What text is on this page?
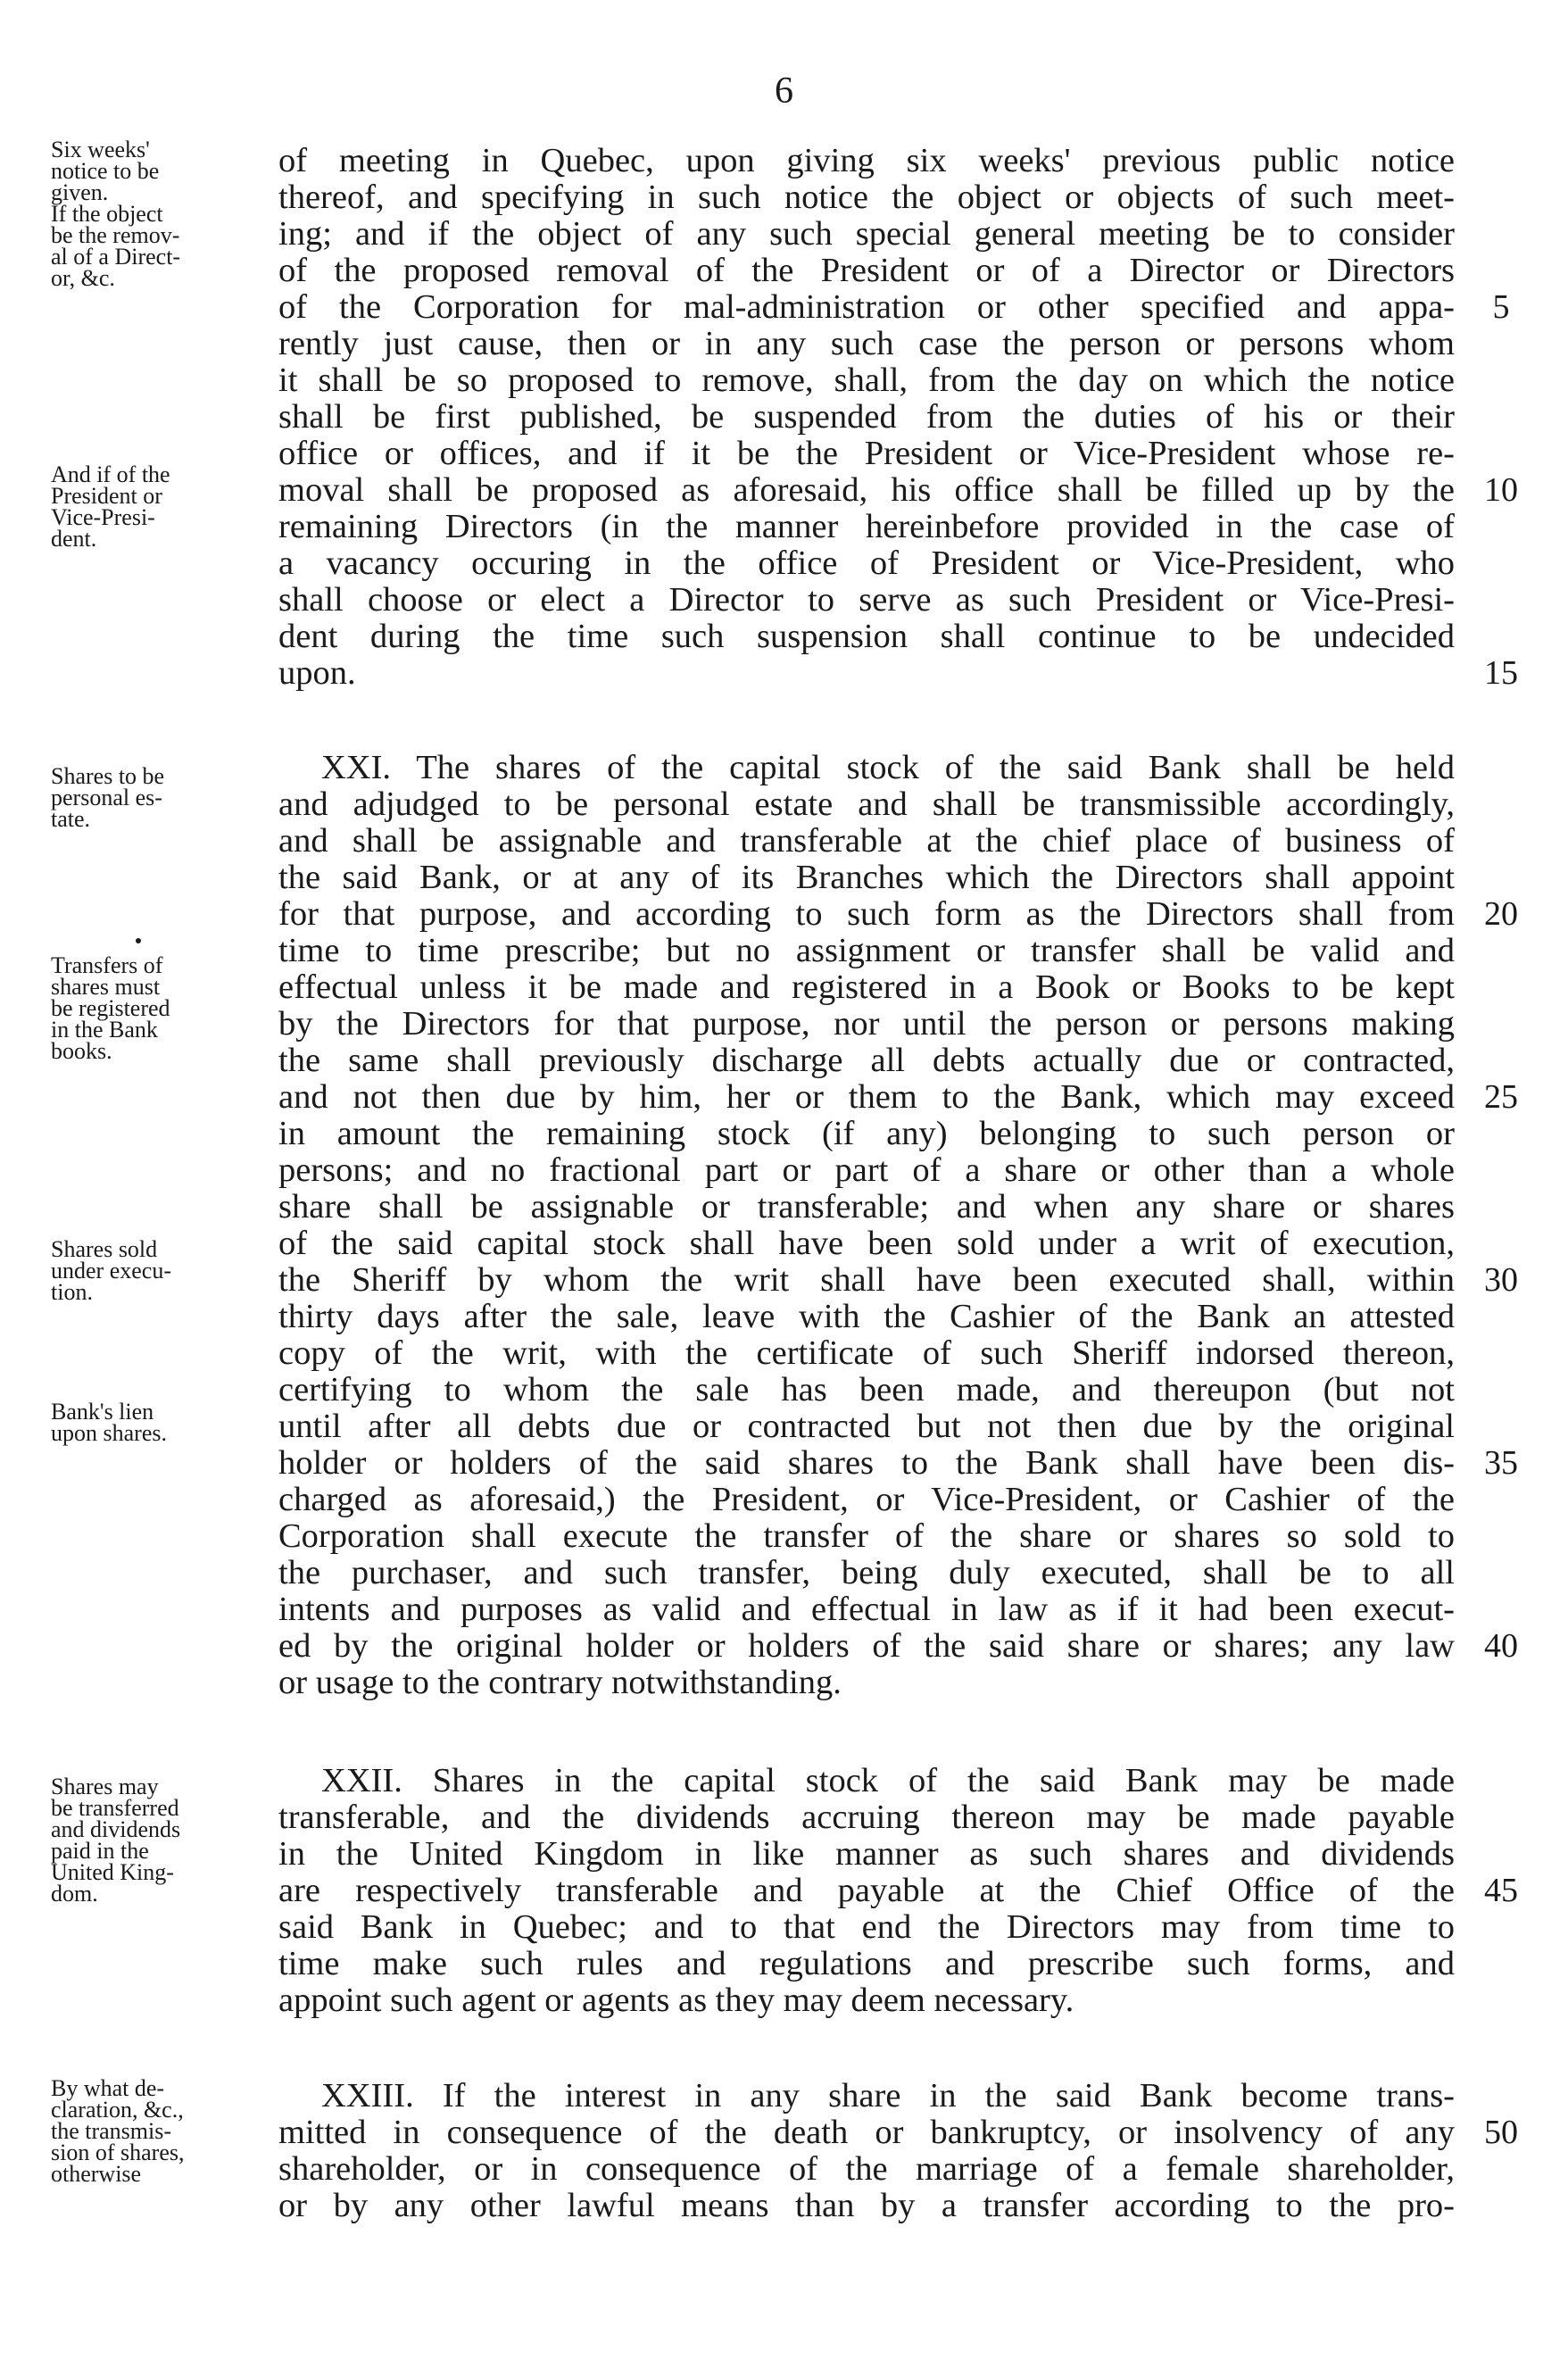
6
Six weeks'
notice to be
given.
If the object
be the remov-
al of a Direct-
or, &c.
And if of the
President or
Vice-Presi-
dent.
Shares to be
personal es-
tate.
Transfers of
shares must
be registered
in the Bank
books.
Shares sold
under execu-
tion.
Bank's lien
upon shares.
Shares may
be transferred
and dividends
paid in the
United King-
dom.
By what de-
claration, &c.,
the transmis-
sion of shares,
otherwise
of meeting in Quebec, upon giving six weeks' previous public notice
thereof, and specifying in such notice the object or objects of such meet-
ing; and if the object of any such special general meeting be to consider
of the proposed removal of the President or of a Director or Directors
of the Corporation for mal-administration or other specified and appa-
rently just cause, then or in any such case the person or persons whom
it shall be so proposed to remove, shall, from the day on which the notice
shall be first published, be suspended from the duties of his or their
office or offices, and if it be the President or Vice-President whose re-
moval shall be proposed as aforesaid, his office shall be filled up by the
remaining Directors (in the manner hereinbefore provided in the case of
a vacancy occuring in the office of President or Vice-President, who
shall choose or elect a Director to serve as such President or Vice-Presi-
dent during the time such suspension shall continue to be undecided
upon.
XXI. The shares of the capital stock of the said Bank shall be held
and adjudged to be personal estate and shall be transmissible accordingly,
and shall be assignable and transferable at the chief place of business of
the said Bank, or at any of its Branches which the Directors shall appoint
for that purpose, and according to such form as the Directors shall from
time to time prescribe; but no assignment or transfer shall be valid and
effectual unless it be made and registered in a Book or Books to be kept
by the Directors for that purpose, nor until the person or persons making
the same shall previously discharge all debts actually due or contracted,
and not then due by him, her or them to the Bank, which may exceed
in amount the remaining stock (if any) belonging to such person or
persons; and no fractional part or part of a share or other than a whole
share shall be assignable or transferable; and when any share or shares
of the said capital stock shall have been sold under a writ of execution,
the Sheriff by whom the writ shall have been executed shall, within
thirty days after the sale, leave with the Cashier of the Bank an attested
copy of the writ, with the certificate of such Sheriff indorsed thereon,
certifying to whom the sale has been made, and thereupon (but not
until after all debts due or contracted but not then due by the original
holder or holders of the said shares to the Bank shall have been dis-
charged as aforesaid,) the President, or Vice-President, or Cashier of the
Corporation shall execute the transfer of the share or shares so sold to
the purchaser, and such transfer, being duly executed, shall be to all
intents and purposes as valid and effectual in law as if it had been execut-
ed by the original holder or holders of the said share or shares; any law
or usage to the contrary notwithstanding.
XXII. Shares in the capital stock of the said Bank may be made
transferable, and the dividends accruing thereon may be made payable
in the United Kingdom in like manner as such shares and dividends
are respectively transferable and payable at the Chief Office of the
said Bank in Quebec; and to that end the Directors may from time to
time make such rules and regulations and prescribe such forms, and
appoint such agent or agents as they may deem necessary.
XXIII. If the interest in any share in the said Bank become trans-
mitted in consequence of the death or bankruptcy, or insolvency of any
shareholder, or in consequence of the marriage of a female shareholder,
or by any other lawful means than by a transfer according to the pro-
5
10
15
20
25
30
35
40
45
50
